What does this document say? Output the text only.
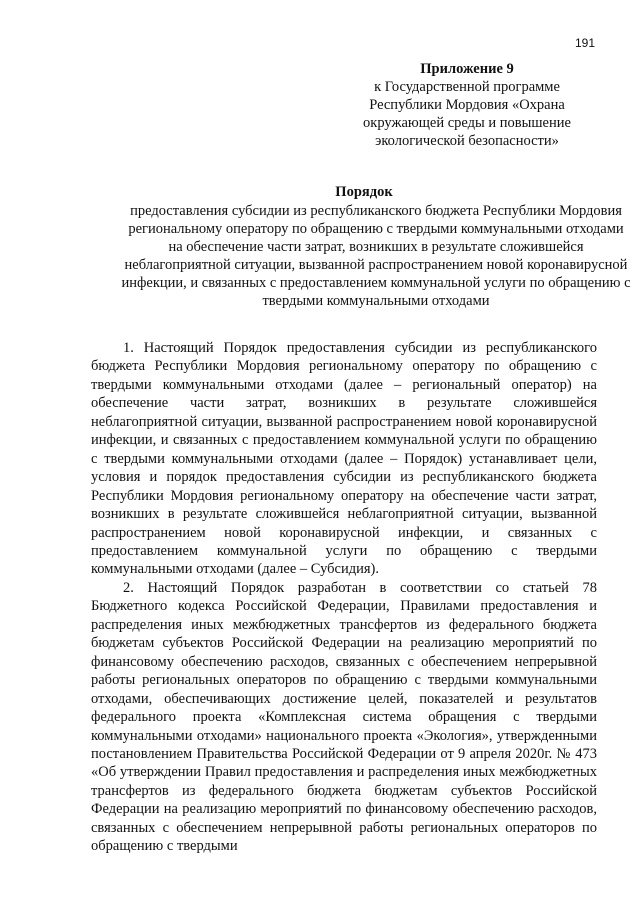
191
Приложение 9
к Государственной программе
Республики Мордовия «Охрана
окружающей среды и повышение
экологической безопасности»
Порядок
предоставления субсидии из республиканского бюджета Республики Мордовия региональному оператору по обращению с твердыми коммунальными отходами на обеспечение части затрат, возникших в результате сложившейся неблагоприятной ситуации, вызванной распространением новой коронавирусной инфекции, и связанных с предоставлением коммунальной услуги по обращению с твердыми коммунальными отходами

1. Настоящий Порядок предоставления субсидии из республиканского бюджета Республики Мордовия региональному оператору по обращению с твердыми коммунальными отходами (далее – региональный оператор) на обеспечение части затрат, возникших в результате сложившейся неблагоприятной ситуации, вызванной распространением новой коронавирусной инфекции, и связанных с предоставлением коммунальной услуги по обращению с твердыми коммунальными отходами (далее – Порядок) устанавливает цели, условия и порядок предоставления субсидии из республиканского бюджета Республики Мордовия региональному оператору на обеспечение части затрат, возникших в результате сложившейся неблагоприятной ситуации, вызванной распространением новой коронавирусной инфекции, и связанных с предоставлением коммунальной услуги по обращению с твердыми коммунальными отходами (далее – Субсидия).

2. Настоящий Порядок разработан в соответствии со статьей 78 Бюджетного кодекса Российской Федерации, Правилами предоставления и распределения иных межбюджетных трансфертов из федерального бюджета бюджетам субъектов Российской Федерации на реализацию мероприятий по финансовому обеспечению расходов, связанных с обеспечением непрерывной работы региональных операторов по обращению с твердыми коммунальными отходами, обеспечивающих достижение целей, показателей и результатов федерального проекта «Комплексная система обращения с твердыми коммунальными отходами» национального проекта «Экология», утвержденными постановлением Правительства Российской Федерации от 9 апреля 2020г. № 473 «Об утверждении Правил предоставления и распределения иных межбюджетных трансфертов из федерального бюджета бюджетам субъектов Российской Федерации на реализацию мероприятий по финансовому обеспечению расходов, связанных с обеспечением непрерывной работы региональных операторов по обращению с твердыми
